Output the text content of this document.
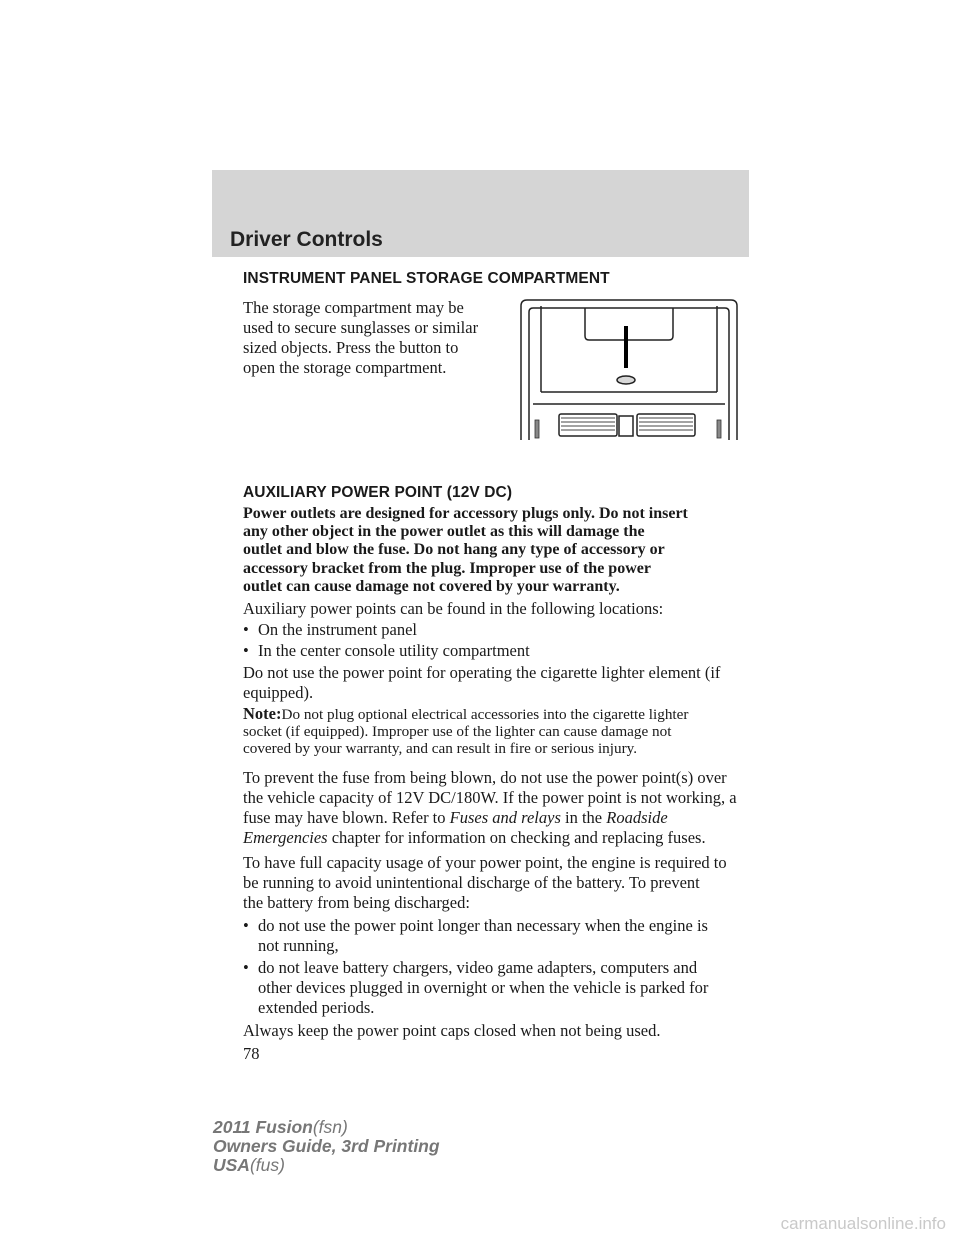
Driver Controls
INSTRUMENT PANEL STORAGE COMPARTMENT
The storage compartment may be
used to secure sunglasses or similar
sized objects. Press the button to
open the storage compartment.
AUXILIARY POWER POINT (12V DC)
Power outlets are designed for accessory plugs only. Do not insert
any other object in the power outlet as this will damage the
outlet and blow the fuse. Do not hang any type of accessory or
accessory bracket from the plug. Improper use of the power
outlet can cause damage not covered by your warranty.
Auxiliary power points can be found in the following locations:
• On the instrument panel
• In the center console utility compartment
Do not use the power point for operating the cigarette lighter element (if
equipped).
Note:Do not plug optional electrical accessories into the cigarette lighter
socket (if equipped). Improper use of the lighter can cause damage not
covered by your warranty, and can result in fire or serious injury.
To prevent the fuse from being blown, do not use the power point(s) over
the vehicle capacity of 12V DC/180W. If the power point is not working, a
fuse may have blown. Refer to Fuses and relays in the Roadside
Emergencies chapter for information on checking and replacing fuses.
To have full capacity usage of your power point, the engine is required to
be running to avoid unintentional discharge of the battery. To prevent
the battery from being discharged:
• do not use the power point longer than necessary when the engine is
not running,
• do not leave battery chargers, video game adapters, computers and
other devices plugged in overnight or when the vehicle is parked for
extended periods.
Always keep the power point caps closed when not being used.
78
2011 Fusion(fsn)
Owners Guide, 3rd Printing
USA(fus)
carmanualsonline.info
